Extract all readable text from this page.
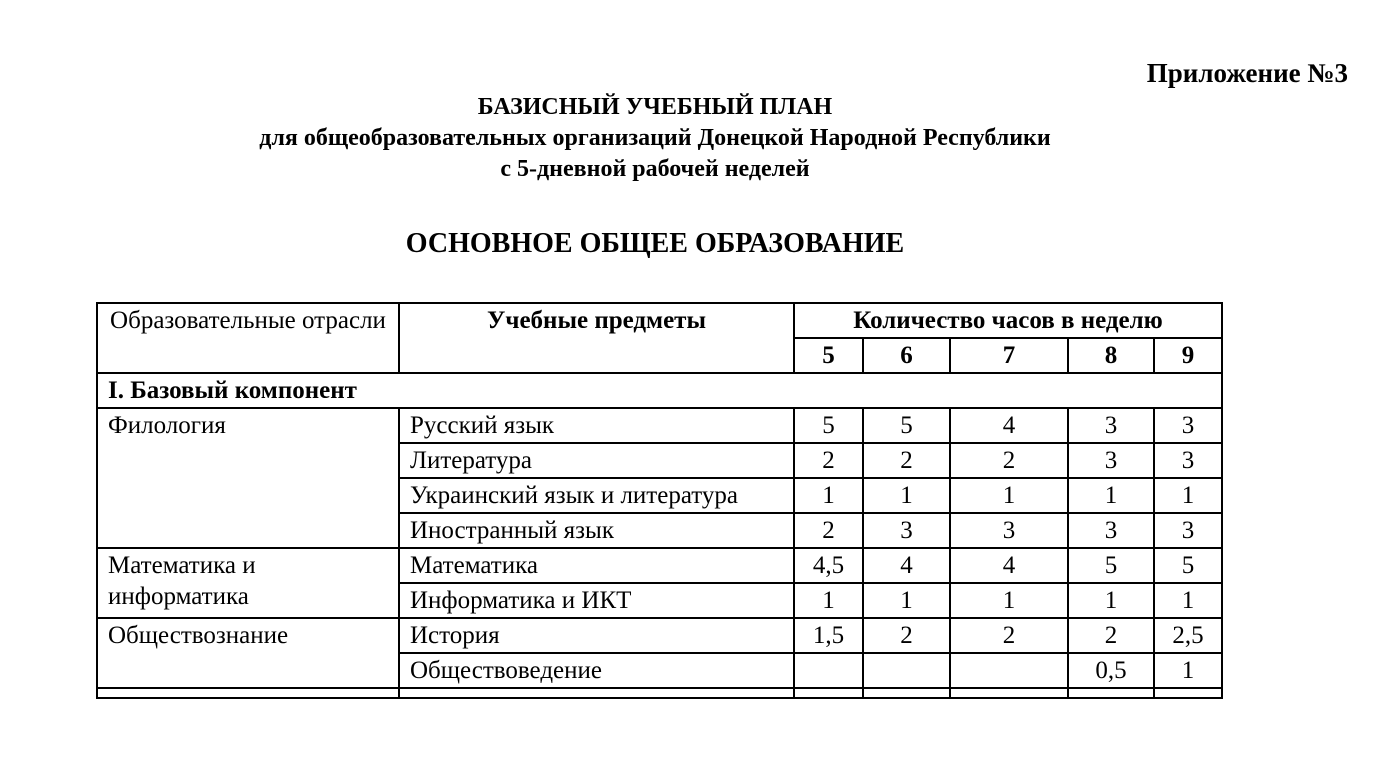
Приложение №3
БАЗИСНЫЙ УЧЕБНЫЙ ПЛАН
для общеобразовательных организаций Донецкой Народной Республики
с 5-дневной рабочей неделей
ОСНОВНОЕ ОБЩЕЕ ОБРАЗОВАНИЕ
Образовательные отрасли	Учебные предметы	Количество часов в неделю				
		5	6	7	8	9
I. Базовый компонент						
Филология	Русский язык	5	5	4	3	3
	Литература	2	2	2	3	3
	Украинский язык и литература	1	1	1	1	1
	Иностранный язык	2	3	3	3	3
Математика и информатика	Математика	4,5	4	4	5	5
	Информатика и ИКТ	1	1	1	1	1
Обществознание	История	1,5	2	2	2	2,5
	Обществоведение				0,5	1
